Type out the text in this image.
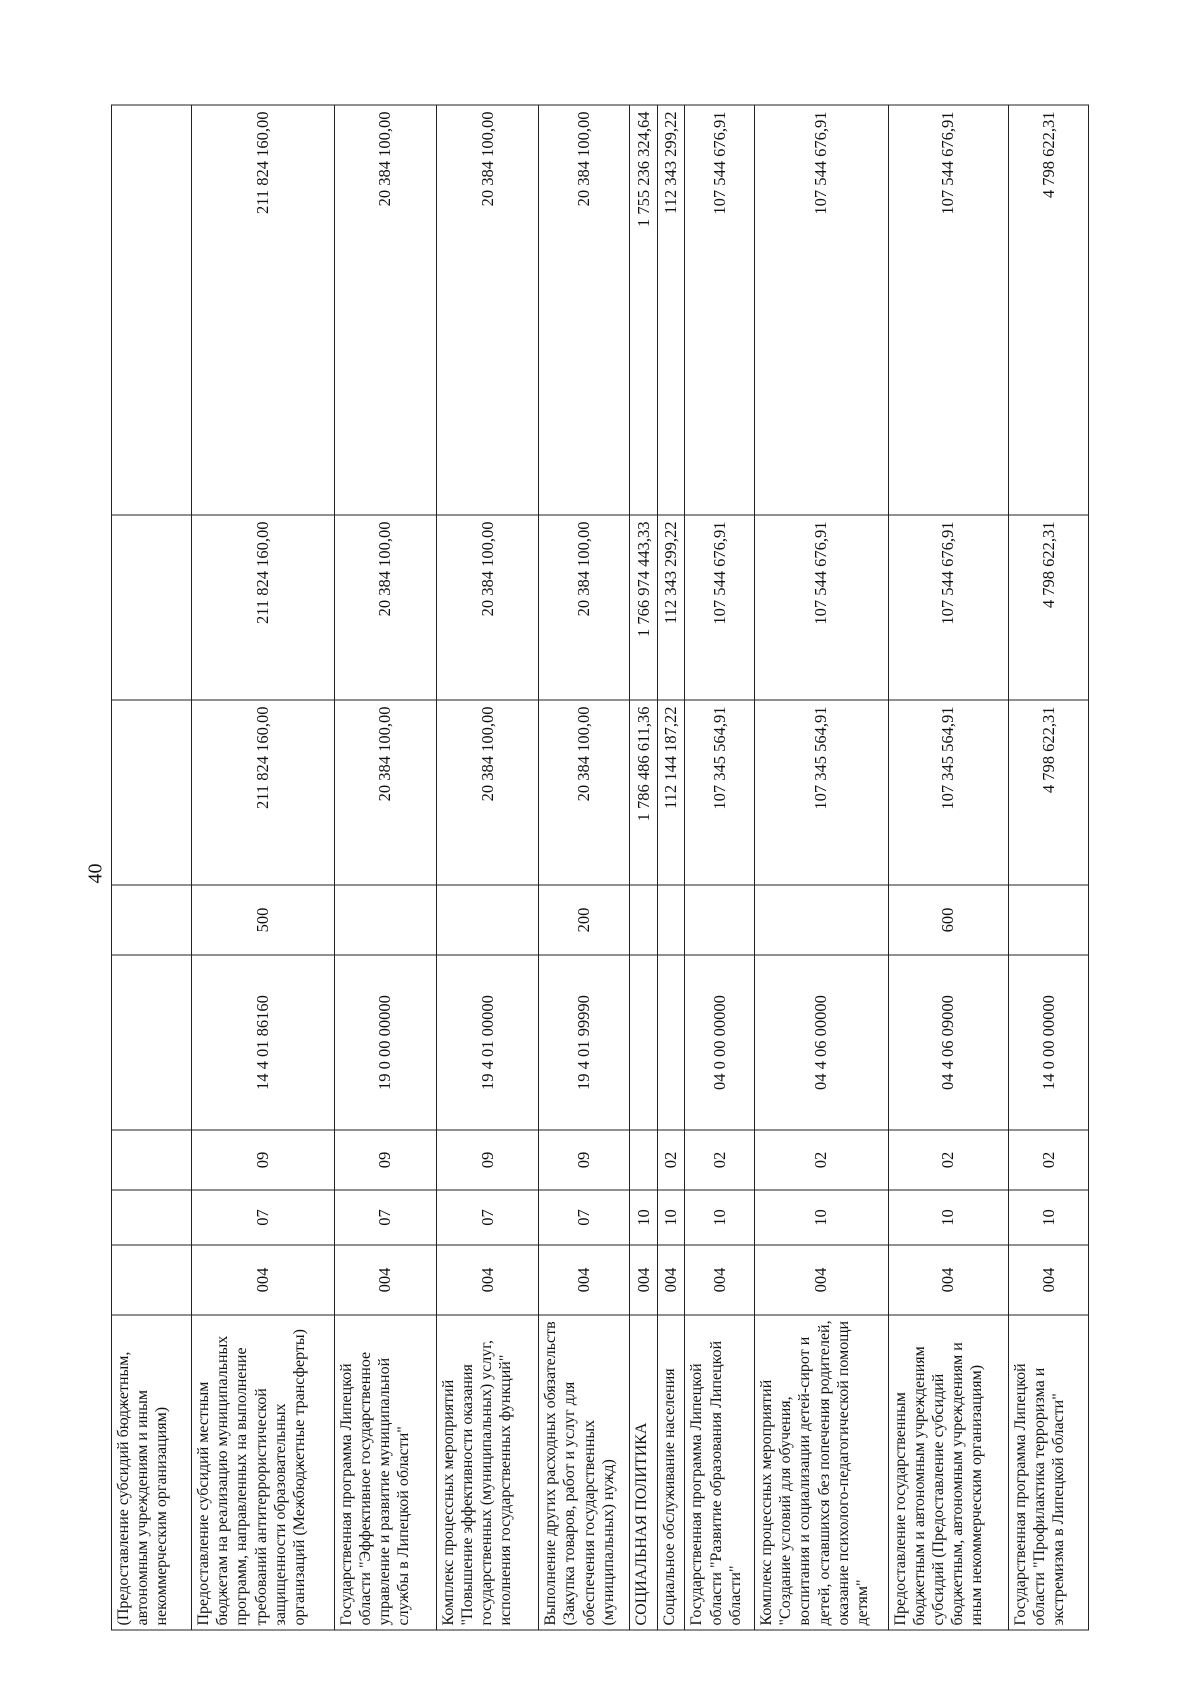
40
(Предоставление субсидий бюджетным, автономным учреждениям и иным некоммерческим организациям)								
Предоставление субсидий местным бюджетам на реализацию муниципальных программ, направленных на выполнение требований антитеррористической защищенности образовательных организаций (Межбюджетные трансферты)	004	07	09	14 4 01 86160	500	211 824 160,00	211 824 160,00	211 824 160,00
Государственная программа Липецкой области "Эффективное государственное управление и развитие муниципальной службы в Липецкой области"	004	07	09	19 0 00 00000		20 384 100,00	20 384 100,00	20 384 100,00
Комплекс процессных мероприятий "Повышение эффективности оказания государственных (муниципальных) услуг, исполнения государственных функций"	004	07	09	19 4 01 00000		20 384 100,00	20 384 100,00	20 384 100,00
Выполнение других расходных обязательств (Закупка товаров, работ и услуг для обеспечения государственных (муниципальных) нужд)	004	07	09	19 4 01 99990	200	20 384 100,00	20 384 100,00	20 384 100,00
СОЦИАЛЬНАЯ ПОЛИТИКА	004	10				1 786 486 611,36	1 766 974 443,33	1 755 236 324,64
Социальное обслуживание населения	004	10	02			112 144 187,22	112 343 299,22	112 343 299,22
Государственная программа Липецкой области "Развитие образования Липецкой области"	004	10	02	04 0 00 00000		107 345 564,91	107 544 676,91	107 544 676,91
Комплекс процессных мероприятий "Создание условий для обучения, воспитания и социализации детей-сирот и детей, оставшихся без попечения родителей, оказание психолого-педагогической помощи детям"	004	10	02	04 4 06 00000		107 345 564,91	107 544 676,91	107 544 676,91
Предоставление государственным бюджетным и автономным учреждениям субсидий (Предоставление субсидий бюджетным, автономным учреждениям и иным некоммерческим организациям)	004	10	02	04 4 06 09000	600	107 345 564,91	107 544 676,91	107 544 676,91
Государственная программа Липецкой области "Профилактика терроризма и экстремизма в Липецкой области"	004	10	02	14 0 00 00000		4 798 622,31	4 798 622,31	4 798 622,31
